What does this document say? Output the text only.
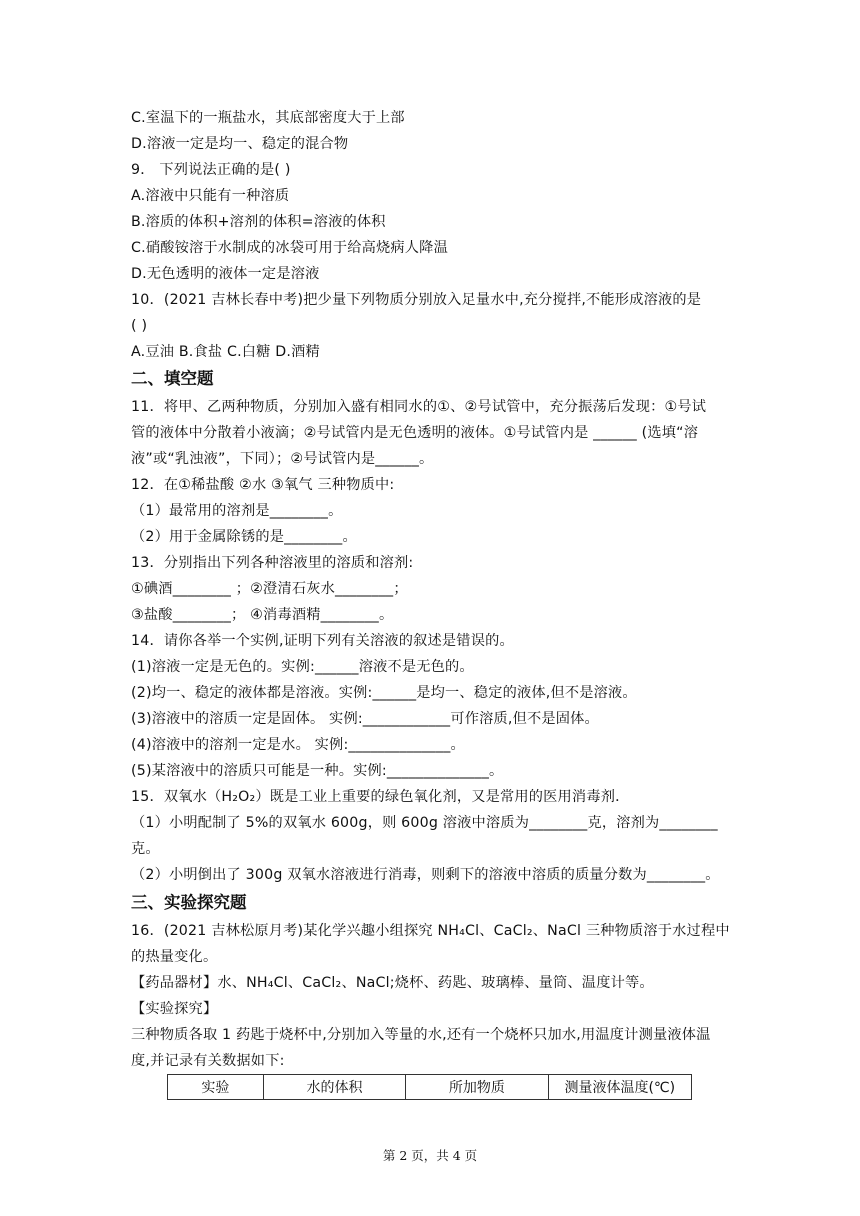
C.室温下的一瓶盐水，其底部密度大于上部
D.溶液一定是均一、稳定的混合物
9． 下列说法正确的是( )
A.溶液中只能有一种溶质
B.溶质的体积+溶剂的体积=溶液的体积
C.硝酸铵溶于水制成的冰袋可用于给高烧病人降温
D.无色透明的液体一定是溶液
10．(2021 吉林长春中考)把少量下列物质分别放入足量水中,充分搅拌,不能形成溶液的是
( )
A.豆油 B.食盐 C.白糖 D.酒精
二、填空题
11．将甲、乙两种物质，分别加入盛有相同水的①、②号试管中，充分振荡后发现：①号试
管的液体中分散着小液滴；②号试管内是无色透明的液体。①号试管内是 ______ (选填“溶
液”或“乳浊液”，下同）；②号试管内是______。
12．在①稀盐酸 ②水 ③氧气 三种物质中:
（1）最常用的溶剂是________。
（2）用于金属除锈的是________。
13．分别指出下列各种溶液里的溶质和溶剂:
①碘酒________ ；②澄清石灰水________；
③盐酸________； ④消毒酒精________。
14．请你各举一个实例,证明下列有关溶液的叙述是错误的。
(1)溶液一定是无色的。实例:______溶液不是无色的。
(2)均一、稳定的液体都是溶液。实例:______是均一、稳定的液体,但不是溶液。
(3)溶液中的溶质一定是固体。 实例:____________可作溶质,但不是固体。
(4)溶液中的溶剂一定是水。 实例:______________。
(5)某溶液中的溶质只可能是一种。实例:______________。
15．双氧水（H₂O₂）既是工业上重要的绿色氧化剂，又是常用的医用消毒剂．
（1）小明配制了 5%的双氧水 600g，则 600g 溶液中溶质为________克，溶剂为________
克。
（2）小明倒出了 300g 双氧水溶液进行消毒，则剩下的溶液中溶质的质量分数为________。
三、实验探究题
16．(2021 吉林松原月考)某化学兴趣小组探究 NH₄Cl、CaCl₂、NaCl 三种物质溶于水过程中
的热量变化。
【药品器材】水、NH₄Cl、CaCl₂、NaCl;烧杯、药匙、玻璃棒、量筒、温度计等。
【实验探究】
三种物质各取 1 药匙于烧杯中,分别加入等量的水,还有一个烧杯只加水,用温度计测量液体温
度,并记录有关数据如下:
实验	水的体积	所加物质	测量液体温度(℃)
第 2 页，共 4 页
